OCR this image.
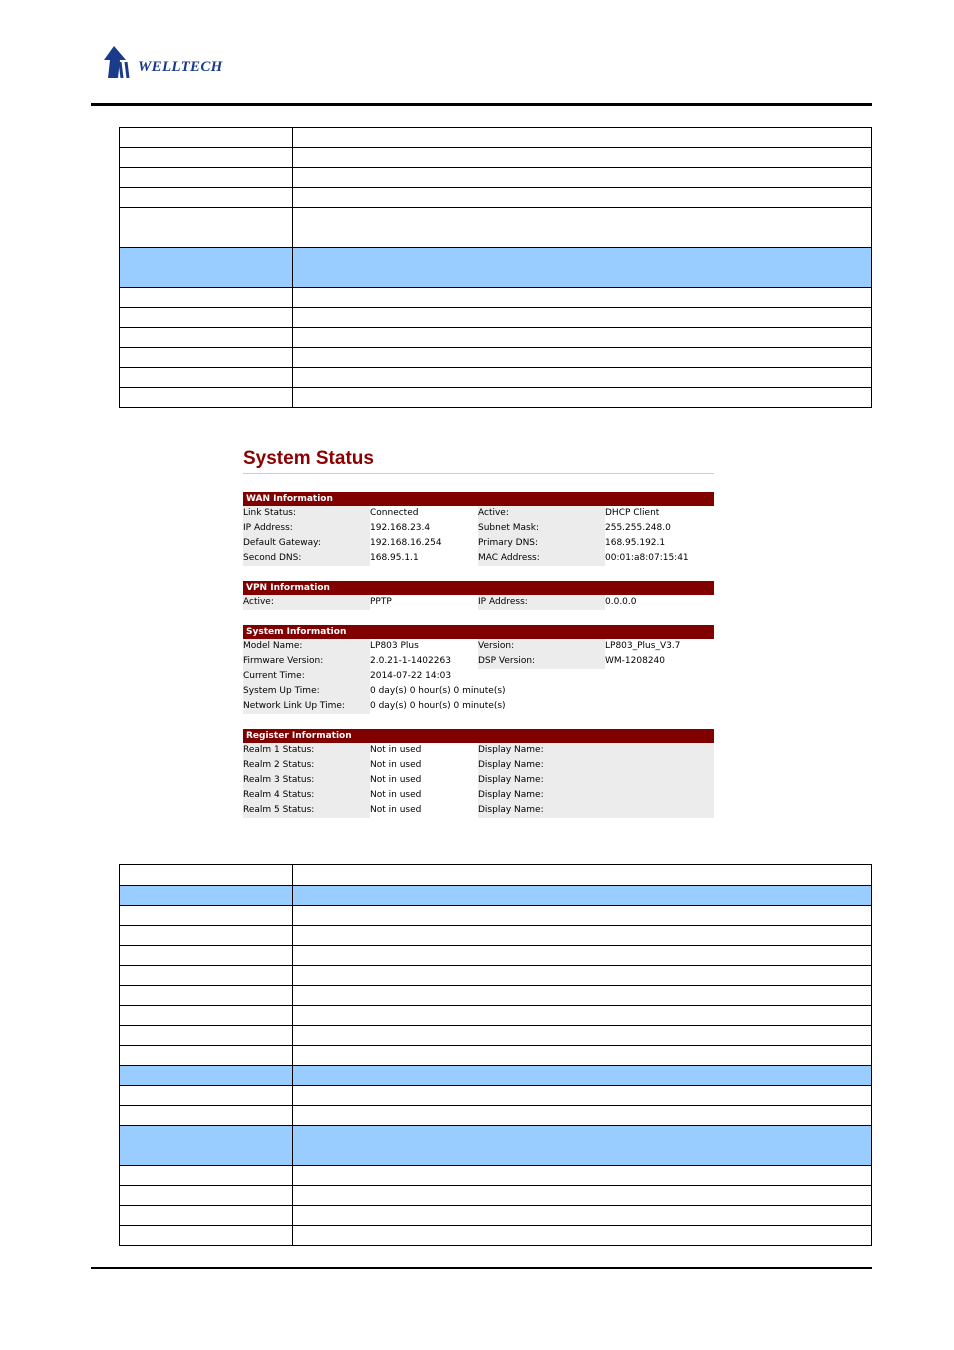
WELLTECH

System Status
WAN Information
Link Status:	Connected	Active:	DHCP Client
IP Address:	192.168.23.4	Subnet Mask:	255.255.248.0
Default Gateway:	192.168.16.254	Primary DNS:	168.95.192.1
Second DNS:	168.95.1.1	MAC Address:	00:01:a8:07:15:41
VPN Information
Active:	PPTP	IP Address:	0.0.0.0
System Information
Model Name:	LP803 Plus	Version:	LP803_Plus_V3.7
Firmware Version:	2.0.21-1-1402263	DSP Version:	WM-1208240
Current Time:	2014-07-22 14:03
System Up Time:	0 day(s) 0 hour(s) 0 minute(s)
Network Link Up Time:	0 day(s) 0 hour(s) 0 minute(s)
Register Information
Realm 1 Status:	Not in used	Display Name:
Realm 2 Status:	Not in used	Display Name:
Realm 3 Status:	Not in used	Display Name:
Realm 4 Status:	Not in used	Display Name:
Realm 5 Status:	Not in used	Display Name:
